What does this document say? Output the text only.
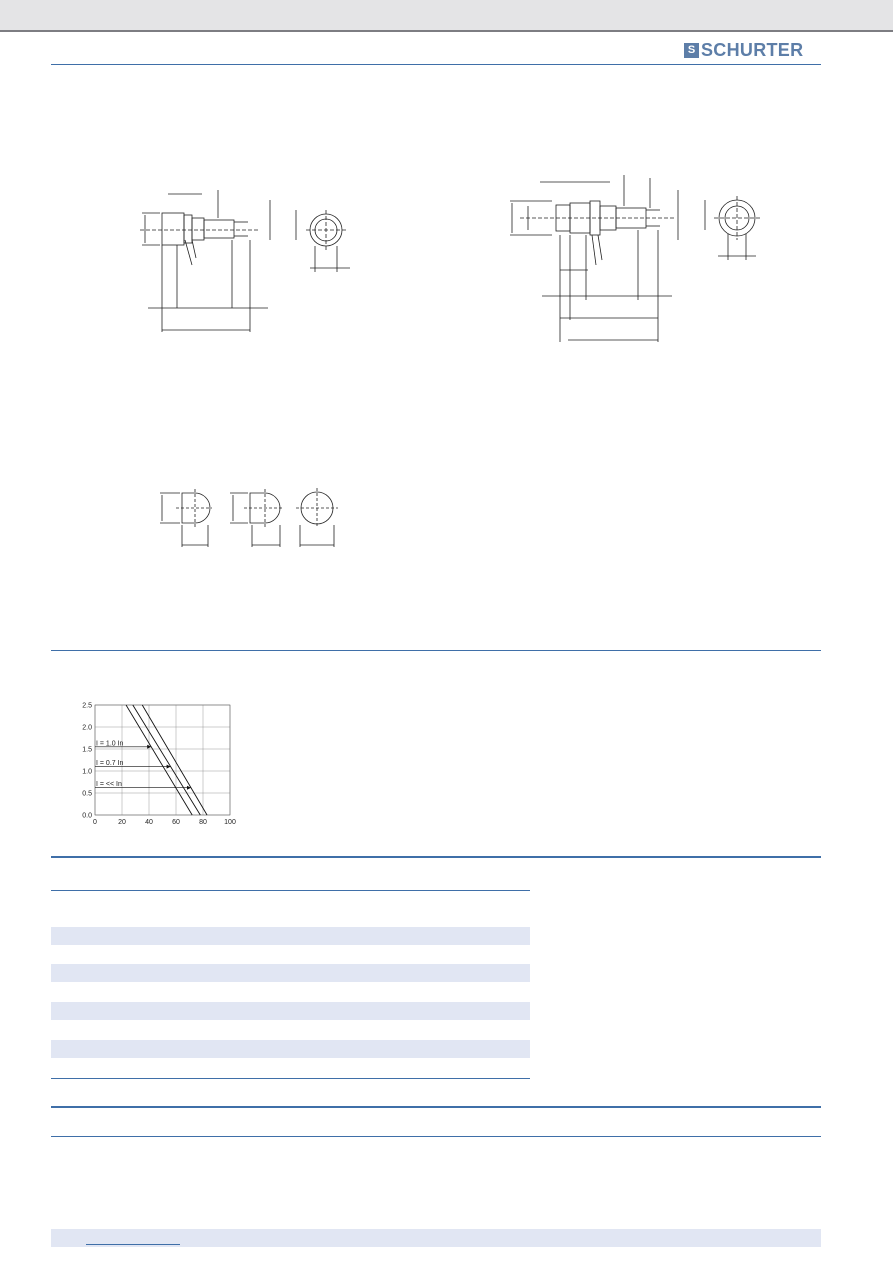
S SCHURTER
0	20	40	60	80 100
0.0
0.5
1.0
1.5
2.0
2.5
I = 1.0 In
I = 0.7 In
I = << In
